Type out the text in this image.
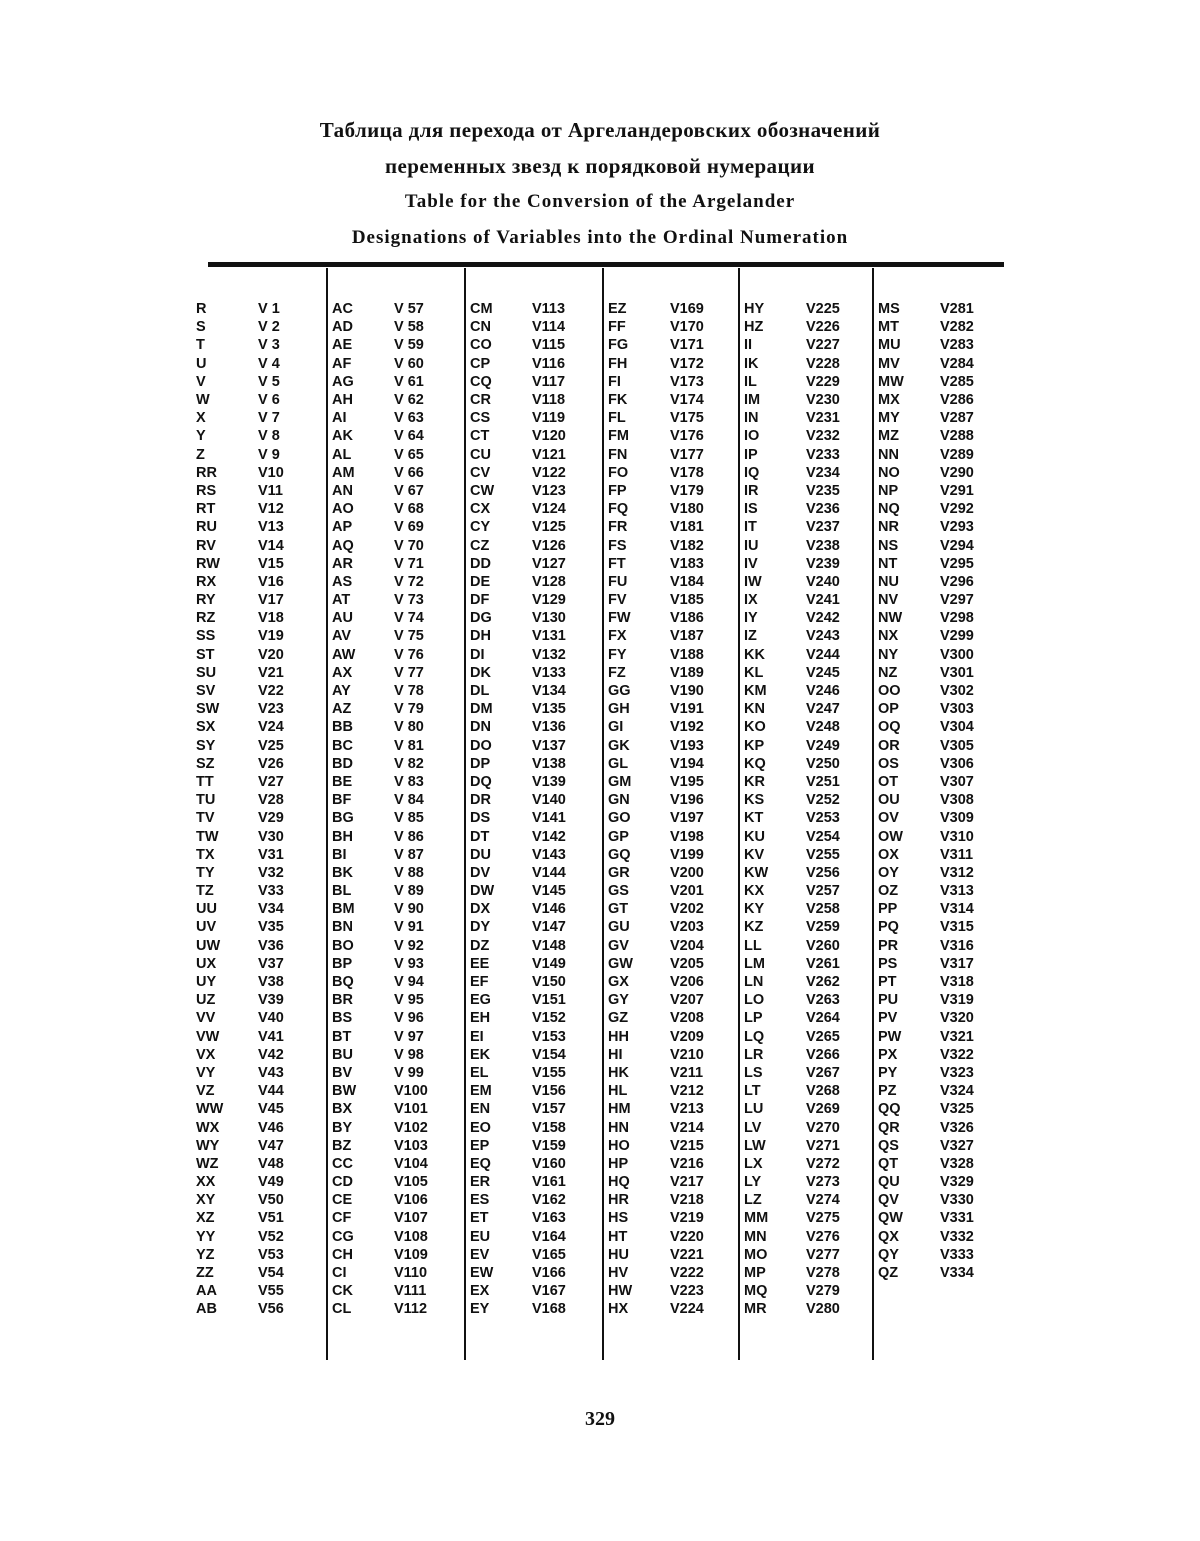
Таблица для перехода от Аргеландеровских обозначений
переменных звезд к порядковой нумерации
Table for the Conversion of the Argelander
Designations of Variables into the Ordinal Numeration
R	V 1
S	V 2
T	V 3
U	V 4
V	V 5
W	V 6
X	V 7
Y	V 8
Z	V 9
RR	V10
RS	V11
RT	V12
RU	V13
RV	V14
RW	V15
RX	V16
RY	V17
RZ	V18
SS	V19
ST	V20
SU	V21
SV	V22
SW	V23
SX	V24
SY	V25
SZ	V26
TT	V27
TU	V28
TV	V29
TW	V30
TX	V31
TY	V32
TZ	V33
UU	V34
UV	V35
UW	V36
UX	V37
UY	V38
UZ	V39
VV	V40
VW	V41
VX	V42
VY	V43
VZ	V44
WW	V45
WX	V46
WY	V47
WZ	V48
XX	V49
XY	V50
XZ	V51
YY	V52
YZ	V53
ZZ	V54
AA	V55
AB	V56
AC	V 57
AD	V 58
AE	V 59
AF	V 60
AG	V 61
AH	V 62
AI	V 63
AK	V 64
AL	V 65
AM	V 66
AN	V 67
AO	V 68
AP	V 69
AQ	V 70
AR	V 71
AS	V 72
AT	V 73
AU	V 74
AV	V 75
AW	V 76
AX	V 77
AY	V 78
AZ	V 79
BB	V 80
BC	V 81
BD	V 82
BE	V 83
BF	V 84
BG	V 85
BH	V 86
BI	V 87
BK	V 88
BL	V 89
BM	V 90
BN	V 91
BO	V 92
BP	V 93
BQ	V 94
BR	V 95
BS	V 96
BT	V 97
BU	V 98
BV	V 99
BW	V100
BX	V101
BY	V102
BZ	V103
CC	V104
CD	V105
CE	V106
CF	V107
CG	V108
CH	V109
CI	V110
CK	V111
CL	V112
CM	V113
CN	V114
CO	V115
CP	V116
CQ	V117
CR	V118
CS	V119
CT	V120
CU	V121
CV	V122
CW	V123
CX	V124
CY	V125
CZ	V126
DD	V127
DE	V128
DF	V129
DG	V130
DH	V131
DI	V132
DK	V133
DL	V134
DM	V135
DN	V136
DO	V137
DP	V138
DQ	V139
DR	V140
DS	V141
DT	V142
DU	V143
DV	V144
DW	V145
DX	V146
DY	V147
DZ	V148
EE	V149
EF	V150
EG	V151
EH	V152
EI	V153
EK	V154
EL	V155
EM	V156
EN	V157
EO	V158
EP	V159
EQ	V160
ER	V161
ES	V162
ET	V163
EU	V164
EV	V165
EW	V166
EX	V167
EY	V168
EZ	V169
FF	V170
FG	V171
FH	V172
FI	V173
FK	V174
FL	V175
FM	V176
FN	V177
FO	V178
FP	V179
FQ	V180
FR	V181
FS	V182
FT	V183
FU	V184
FV	V185
FW	V186
FX	V187
FY	V188
FZ	V189
GG	V190
GH	V191
GI	V192
GK	V193
GL	V194
GM	V195
GN	V196
GO	V197
GP	V198
GQ	V199
GR	V200
GS	V201
GT	V202
GU	V203
GV	V204
GW	V205
GX	V206
GY	V207
GZ	V208
HH	V209
HI	V210
HK	V211
HL	V212
HM	V213
HN	V214
HO	V215
HP	V216
HQ	V217
HR	V218
HS	V219
HT	V220
HU	V221
HV	V222
HW	V223
HX	V224
HY	V225
HZ	V226
II	V227
IK	V228
IL	V229
IM	V230
IN	V231
IO	V232
IP	V233
IQ	V234
IR	V235
IS	V236
IT	V237
IU	V238
IV	V239
IW	V240
IX	V241
IY	V242
IZ	V243
KK	V244
KL	V245
KM	V246
KN	V247
KO	V248
KP	V249
KQ	V250
KR	V251
KS	V252
KT	V253
KU	V254
KV	V255
KW	V256
KX	V257
KY	V258
KZ	V259
LL	V260
LM	V261
LN	V262
LO	V263
LP	V264
LQ	V265
LR	V266
LS	V267
LT	V268
LU	V269
LV	V270
LW	V271
LX	V272
LY	V273
LZ	V274
MM	V275
MN	V276
MO	V277
MP	V278
MQ	V279
MR	V280
MS	V281
MT	V282
MU	V283
MV	V284
MW	V285
MX	V286
MY	V287
MZ	V288
NN	V289
NO	V290
NP	V291
NQ	V292
NR	V293
NS	V294
NT	V295
NU	V296
NV	V297
NW	V298
NX	V299
NY	V300
NZ	V301
OO	V302
OP	V303
OQ	V304
OR	V305
OS	V306
OT	V307
OU	V308
OV	V309
OW	V310
OX	V311
OY	V312
OZ	V313
PP	V314
PQ	V315
PR	V316
PS	V317
PT	V318
PU	V319
PV	V320
PW	V321
PX	V322
PY	V323
PZ	V324
QQ	V325
QR	V326
QS	V327
QT	V328
QU	V329
QV	V330
QW	V331
QX	V332
QY	V333
QZ	V334
329
